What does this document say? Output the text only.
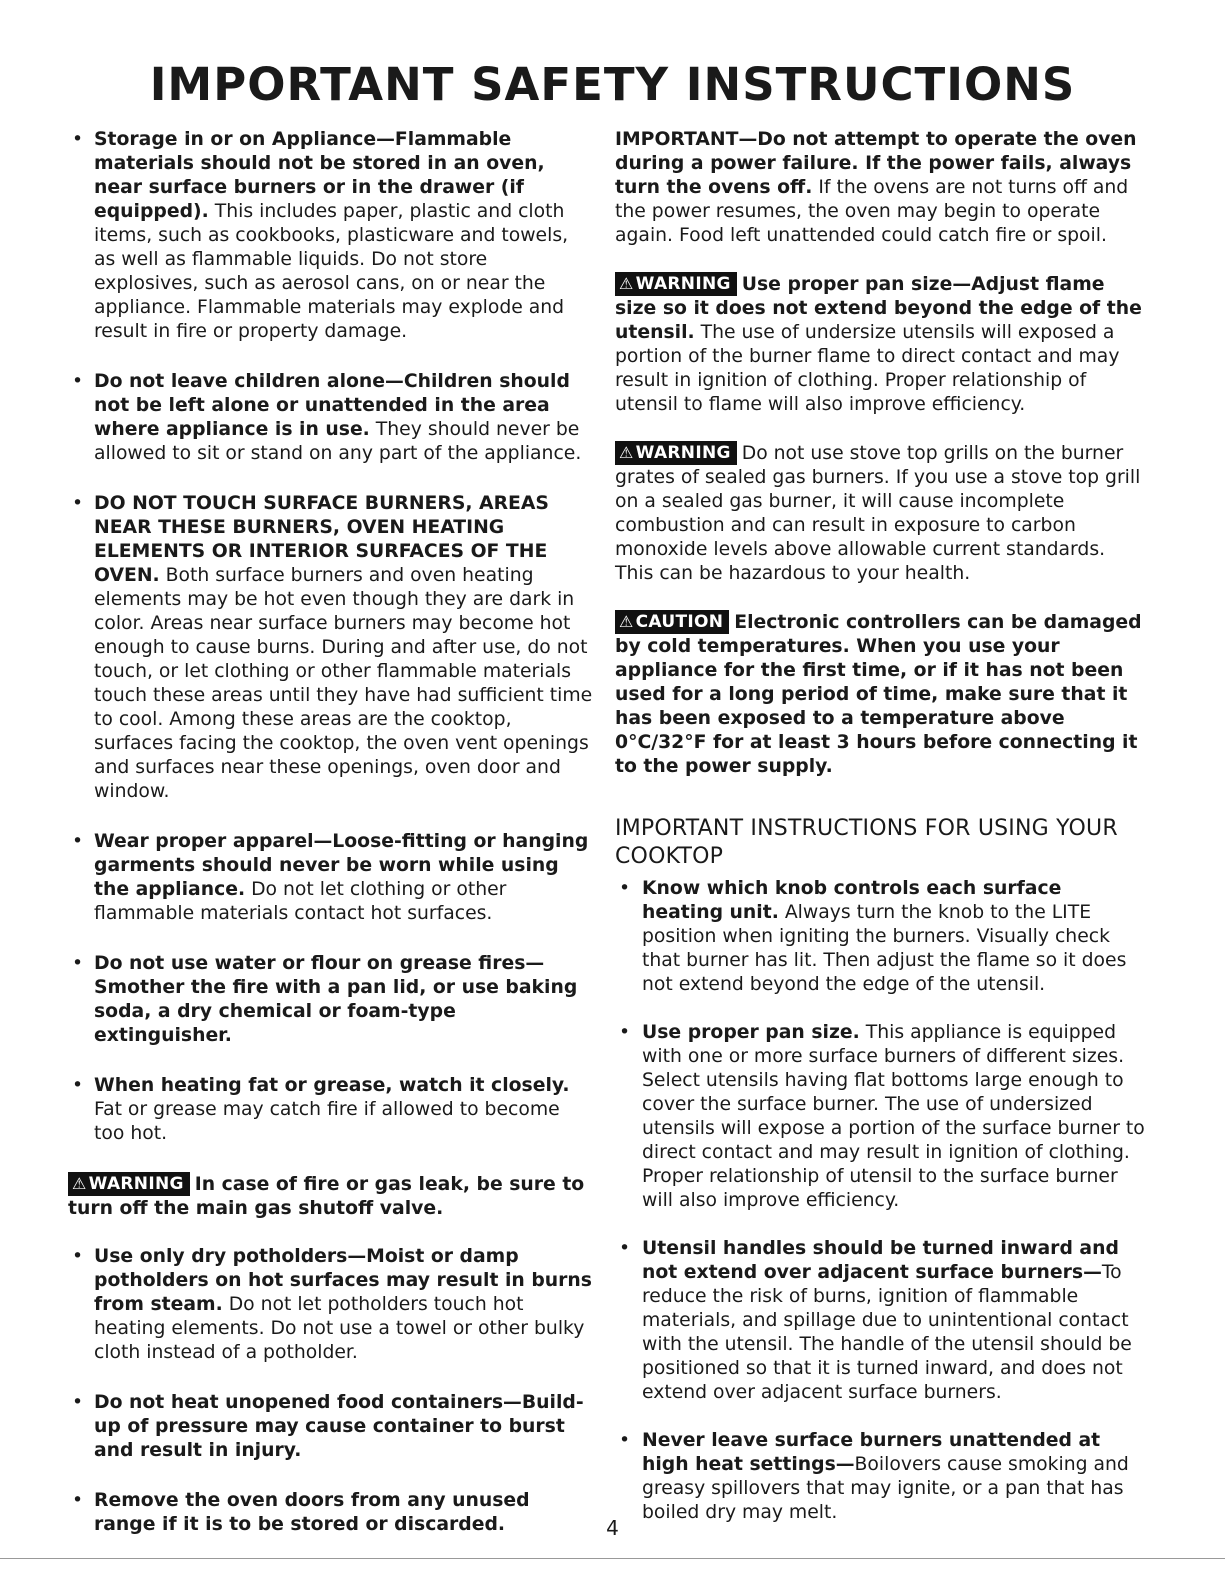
IMPORTANT SAFETY INSTRUCTIONS

• Storage in or on Appliance—Flammable materials should not be stored in an oven, near surface burners or in the drawer (if equipped). This includes paper, plastic and cloth items, such as cookbooks, plasticware and towels, as well as flammable liquids. Do not store explosives, such as aerosol cans, on or near the appliance. Flammable materials may explode and result in fire or property damage.

• Do not leave children alone—Children should not be left alone or unattended in the area where appliance is in use. They should never be allowed to sit or stand on any part of the appliance.

• DO NOT TOUCH SURFACE BURNERS, AREAS NEAR THESE BURNERS, OVEN HEATING ELEMENTS OR INTERIOR SURFACES OF THE OVEN. Both surface burners and oven heating elements may be hot even though they are dark in color. Areas near surface burners may become hot enough to cause burns. During and after use, do not touch, or let clothing or other flammable materials touch these areas until they have had sufficient time to cool. Among these areas are the cooktop, surfaces facing the cooktop, the oven vent openings and surfaces near these openings, oven door and window.

• Wear proper apparel—Loose-fitting or hanging garments should never be worn while using the appliance. Do not let clothing or other flammable materials contact hot surfaces.

• Do not use water or flour on grease fires—Smother the fire with a pan lid, or use baking soda, a dry chemical or foam-type extinguisher.

• When heating fat or grease, watch it closely. Fat or grease may catch fire if allowed to become too hot.

⚠ WARNING In case of fire or gas leak, be sure to turn off the main gas shutoff valve.

• Use only dry potholders—Moist or damp potholders on hot surfaces may result in burns from steam. Do not let potholders touch hot heating elements. Do not use a towel or other bulky cloth instead of a potholder.

• Do not heat unopened food containers—Build-up of pressure may cause container to burst and result in injury.

• Remove the oven doors from any unused range if it is to be stored or discarded.

IMPORTANT—Do not attempt to operate the oven during a power failure. If the power fails, always turn the ovens off. If the ovens are not turns off and the power resumes, the oven may begin to operate again. Food left unattended could catch fire or spoil.

⚠ WARNING Use proper pan size—Adjust flame size so it does not extend beyond the edge of the utensil. The use of undersize utensils will exposed a portion of the burner flame to direct contact and may result in ignition of clothing. Proper relationship of utensil to flame will also improve efficiency.

⚠ WARNING Do not use stove top grills on the burner grates of sealed gas burners. If you use a stove top grill on a sealed gas burner, it will cause incomplete combustion and can result in exposure to carbon monoxide levels above allowable current standards. This can be hazardous to your health.

⚠ CAUTION Electronic controllers can be damaged by cold temperatures. When you use your appliance for the first time, or if it has not been used for a long period of time, make sure that it has been exposed to a temperature above 0°C/32°F for at least 3 hours before connecting it to the power supply.

IMPORTANT INSTRUCTIONS FOR USING YOUR COOKTOP

• Know which knob controls each surface heating unit. Always turn the knob to the LITE position when igniting the burners. Visually check that burner has lit. Then adjust the flame so it does not extend beyond the edge of the utensil.

• Use proper pan size. This appliance is equipped with one or more surface burners of different sizes. Select utensils having flat bottoms large enough to cover the surface burner. The use of undersized utensils will expose a portion of the surface burner to direct contact and may result in ignition of clothing. Proper relationship of utensil to the surface burner will also improve efficiency.

• Utensil handles should be turned inward and not extend over adjacent surface burners—To reduce the risk of burns, ignition of flammable materials, and spillage due to unintentional contact with the utensil. The handle of the utensil should be positioned so that it is turned inward, and does not extend over adjacent surface burners.

• Never leave surface burners unattended at high heat settings—Boilovers cause smoking and greasy spillovers that may ignite, or a pan that has boiled dry may melt.

4
